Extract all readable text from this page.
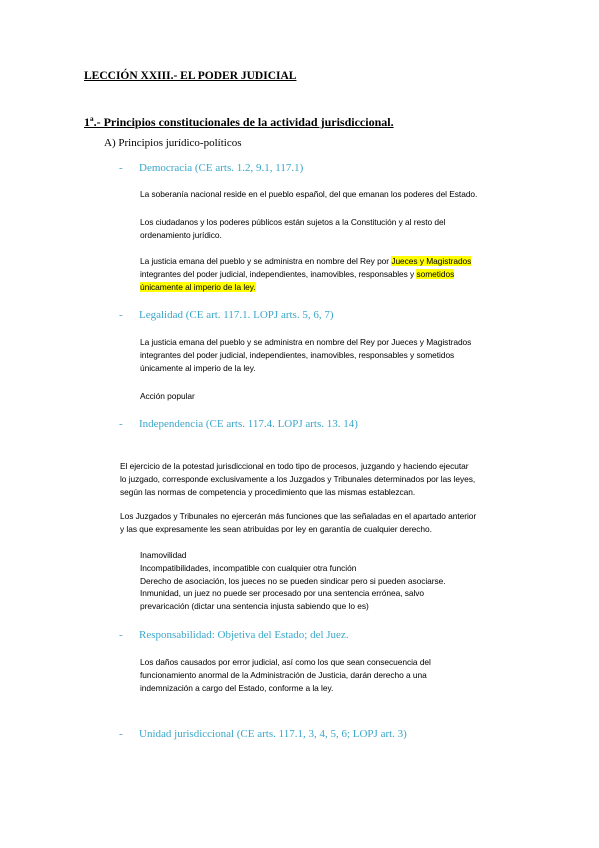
LECCIÓN XXIII.- EL PODER JUDICIAL
1ª.- Principios constitucionales de la actividad jurisdiccional.
A) Principios jurídico-políticos
- Democracia (CE arts. 1.2, 9.1, 117.1)
La soberanía nacional reside en el pueblo español, del que emanan los poderes del Estado.
Los ciudadanos y los poderes públicos están sujetos a la Constitución y al resto del
ordenamiento jurídico.
La justicia emana del pueblo y se administra en nombre del Rey por Jueces y Magistrados
integrantes del poder judicial, independientes, inamovibles, responsables y sometidos
únicamente al imperio de la ley.
- Legalidad (CE art. 117.1. LOPJ arts. 5, 6, 7)
La justicia emana del pueblo y se administra en nombre del Rey por Jueces y Magistrados
integrantes del poder judicial, independientes, inamovibles, responsables y sometidos
únicamente al imperio de la ley.
Acción popular
- Independencia (CE arts. 117.4. LOPJ arts. 13. 14)
El ejercicio de la potestad jurisdiccional en todo tipo de procesos, juzgando y haciendo ejecutar
lo juzgado, corresponde exclusivamente a los Juzgados y Tribunales determinados por las leyes,
según las normas de competencia y procedimiento que las mismas establezcan.
Los Juzgados y Tribunales no ejercerán más funciones que las señaladas en el apartado anterior
y las que expresamente les sean atribuidas por ley en garantía de cualquier derecho.
Inamovilidad
Incompatibilidades, incompatible con cualquier otra función
Derecho de asociación, los jueces no se pueden sindicar pero si pueden asociarse.
Inmunidad, un juez no puede ser procesado por una sentencia errónea, salvo
prevaricación (dictar una sentencia injusta sabiendo que lo es)
- Responsabilidad: Objetiva del Estado; del Juez.
Los daños causados por error judicial, así como los que sean consecuencia del
funcionamiento anormal de la Administración de Justicia, darán derecho a una
indemnización a cargo del Estado, conforme a la ley.
- Unidad jurisdiccional (CE arts. 117.1, 3, 4, 5, 6; LOPJ art. 3)
